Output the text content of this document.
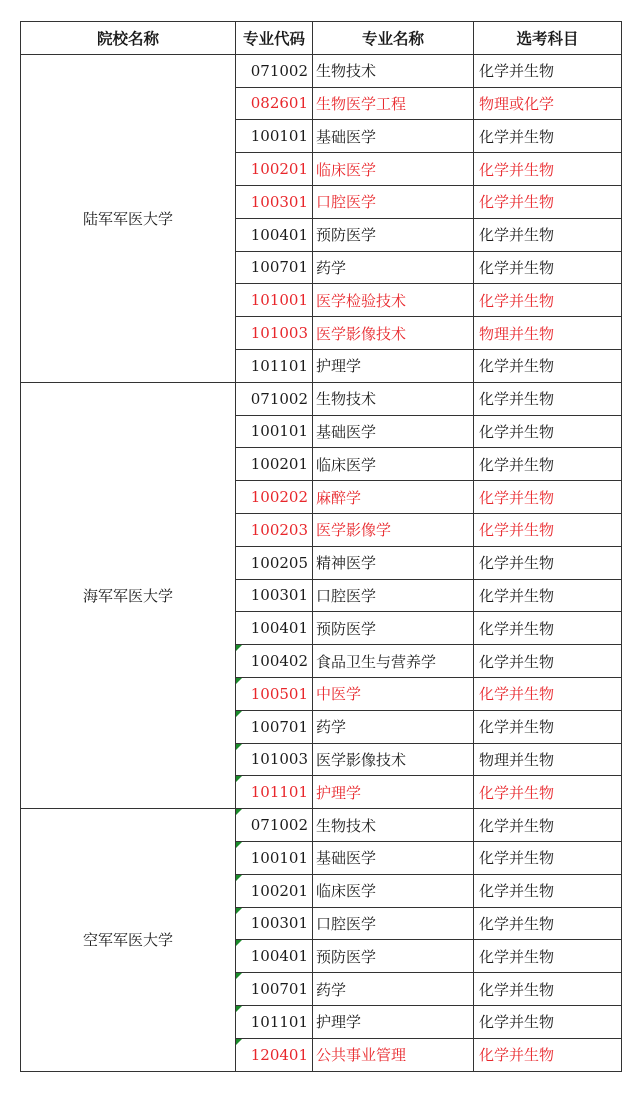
院校名称	专业代码	专业名称	选考科目
陆军军医大学	071002	生物技术	化学并生物
	082601	生物医学工程	物理或化学
	100101	基础医学	化学并生物
	100201	临床医学	化学并生物
	100301	口腔医学	化学并生物
	100401	预防医学	化学并生物
	100701	药学	化学并生物
	101001	医学检验技术	化学并生物
	101003	医学影像技术	物理并生物
	101101	护理学	化学并生物
海军军医大学	071002	生物技术	化学并生物
	100101	基础医学	化学并生物
	100201	临床医学	化学并生物
	100202	麻醉学	化学并生物
	100203	医学影像学	化学并生物
	100205	精神医学	化学并生物
	100301	口腔医学	化学并生物
	100401	预防医学	化学并生物
	100402	食品卫生与营养学	化学并生物
	100501	中医学	化学并生物
	100701	药学	化学并生物
	101003	医学影像技术	物理并生物
	101101	护理学	化学并生物
空军军医大学	071002	生物技术	化学并生物
	100101	基础医学	化学并生物
	100201	临床医学	化学并生物
	100301	口腔医学	化学并生物
	100401	预防医学	化学并生物
	100701	药学	化学并生物
	101101	护理学	化学并生物
	120401	公共事业管理	化学并生物
